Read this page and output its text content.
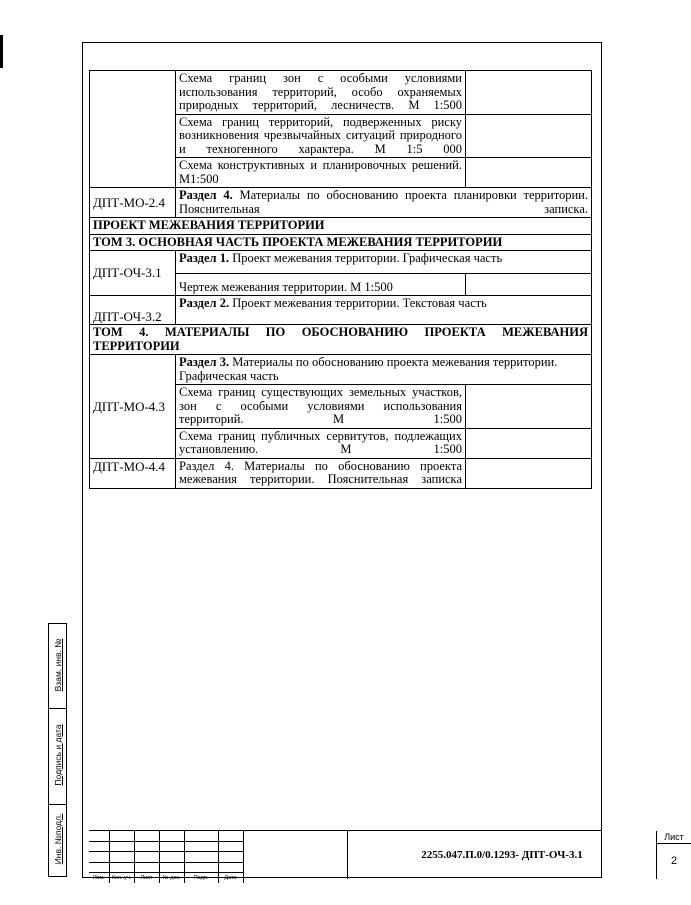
	Схема границ зон с особыми условиями использования территорий, особо охраняемых природных территорий, лесничеств. М 1:500	
	Схема границ территорий, подверженных риску возникновения чрезвычайных ситуаций природного и техногенного характера. М 1:5 000	
	Схема конструктивных и планировочных решений. М1:500	
ДПТ-МО-2.4	Раздел 4. Материалы по обоснованию проекта планировки территории. Пояснительная записка.	
ПРОЕКТ МЕЖЕВАНИЯ ТЕРРИТОРИИ		
ТОМ 3. ОСНОВНАЯ ЧАСТЬ ПРОЕКТА МЕЖЕВАНИЯ ТЕРРИТОРИИ		
ДПТ-ОЧ-3.1	Раздел 1. Проект межевания территории. Графическая часть	
	Чертеж межевания территории. М 1:500	
ДПТ-ОЧ-3.2	Раздел 2. Проект межевания территории. Текстовая часть	
ТОМ 4. МАТЕРИАЛЫ ПО ОБОСНОВАНИЮ ПРОЕКТА МЕЖЕВАНИЯ ТЕРРИТОРИИ		
ДПТ-МО-4.3	Раздел 3. Материалы по обоснованию проекта межевания территории. Графическая часть	
	Схема границ существующих земельных участков, зон с особыми условиями использования территорий. М 1:500	
	Схема границ публичных сервитутов, подлежащих установлению. М 1:500	
ДПТ-МО-4.4	Раздел 4. Материалы по обоснованию проекта межевания территории. Пояснительная записка	
Взам. инв. №
Подпись и дата
Инв. №подл.

Изм.	Кол. уч.	Лист	№ док.	Подп.	Дата
2255.047.П.0/0.1293- ДПТ-ОЧ-3.1
Лист
2
